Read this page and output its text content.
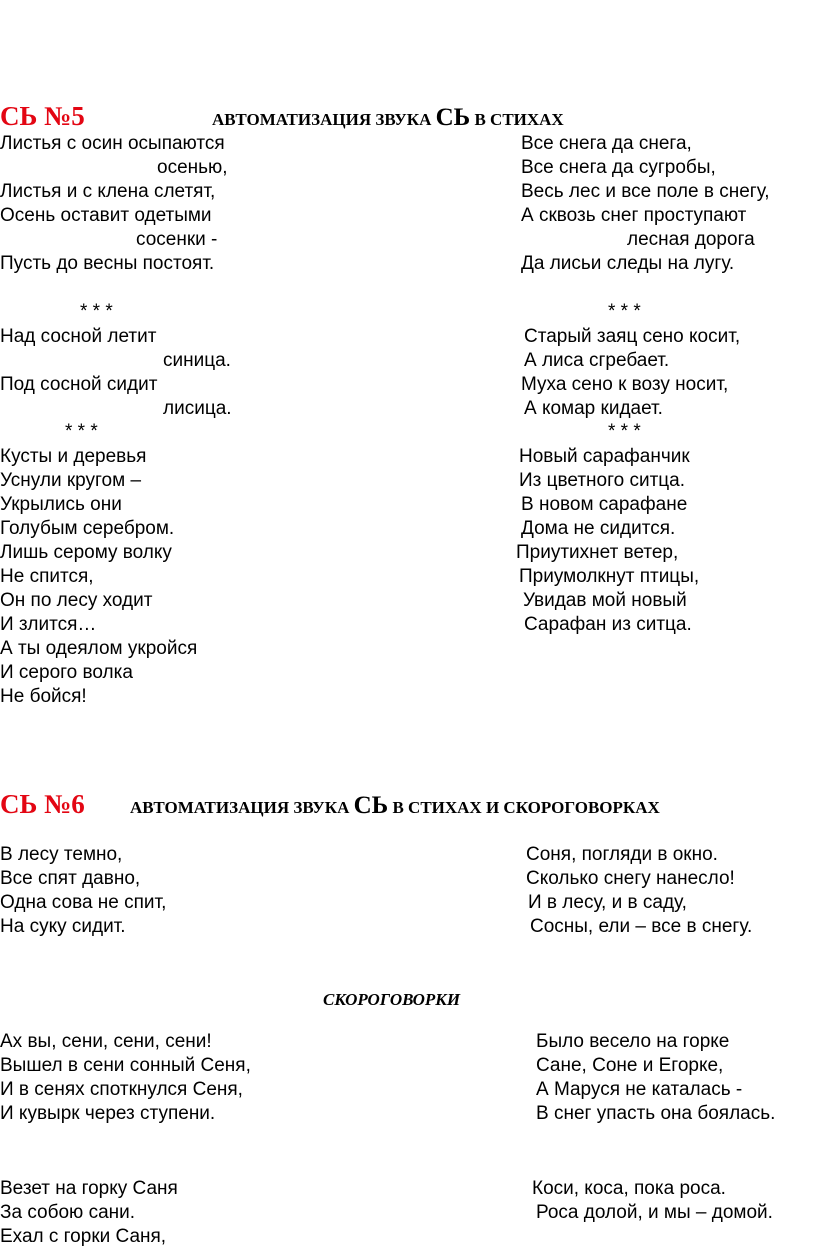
СЬ №5	АВТОМАТИЗАЦИЯ ЗВУКА СЬ В СТИХАХ
Листья с осин осыпаются
осенью,
Листья и с клена слетят,
Осень оставит одетыми
сосенки -
Пусть до весны постоят.
* * *
Над сосной летит
синица.
Под сосной сидит
лисица.
* * *
Кусты и деревья
Уснули кругом –
Укрылись они
Голубым серебром.
Лишь серому волку
Не спится,
Он по лесу ходит
И злится…
А ты одеялом укройся
И серого волка
Не бойся!
Все снега да снега,
Все снега да сугробы,
Весь лес и все поле в снегу,
А сквозь снег проступают
лесная дорога
Да лисьи следы на лугу.
* * *
Старый заяц сено косит,
А лиса сгребает.
Муха сено к возу носит,
А комар кидает.
* * *
Новый сарафанчик
Из цветного ситца.
В новом сарафане
Дома не сидится.
Приутихнет ветер,
Приумолкнут птицы,
Увидав мой новый
Сарафан из ситца.
СЬ №6	АВТОМАТИЗАЦИЯ ЗВУКА СЬ В СТИХАХ И СКОРОГОВОРКАХ
В лесу темно,
Все спят давно,
Одна сова не спит,
На суку сидит.
Соня, погляди в окно.
Сколько снегу нанесло!
И в лесу, и в саду,
Сосны, ели – все в снегу.
СКОРОГОВОРКИ
Ах вы, сени, сени, сени!
Вышел в сени сонный Сеня,
И в сенях споткнулся Сеня,
И кувырк через ступени.
Было весело на горке
Сане, Соне и Егорке,
А Маруся не каталась -
В снег упасть она боялась.
Везет на горку Саня
За собою сани.
Ехал с горки Саня,
Коси, коса, пока роса.
Роса долой, и мы – домой.
